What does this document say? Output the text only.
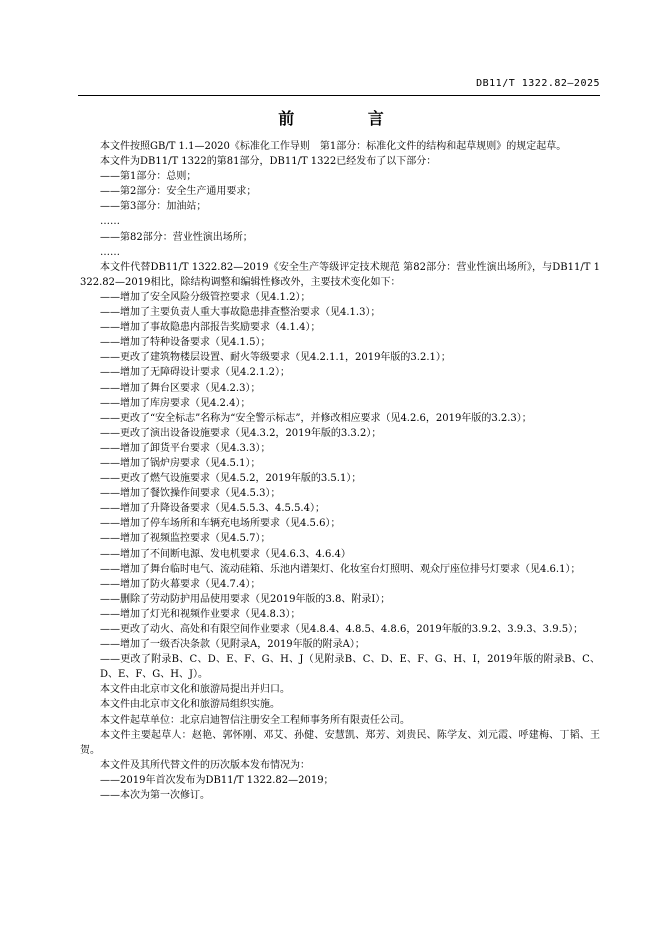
DB11/T 1322.82—2025
前 言

本文件按照GB/T 1.1—2020《标准化工作导则　第1部分：标准化文件的结构和起草规则》的规定起草。

本文件为DB11/T 1322的第81部分，DB11/T 1322已经发布了以下部分：

——第1部分：总则；

——第2部分：安全生产通用要求；

——第3部分：加油站；

……

——第82部分：营业性演出场所；

……

本文件代替DB11/T 1322.82—2019《安全生产等级评定技术规范 第82部分：营业性演出场所》，与DB11/T 1322.82—2019相比，除结构调整和编辑性修改外，主要技术变化如下：

——增加了安全风险分级管控要求（见4.1.2）；

——增加了主要负责人重大事故隐患排查整治要求（见4.1.3）；

——增加了事故隐患内部报告奖励要求（4.1.4）；

——增加了特种设备要求（见4.1.5）；

——更改了建筑物楼层设置、耐火等级要求（见4.2.1.1，2019年版的3.2.1）；

——增加了无障碍设计要求（见4.2.1.2）；

——增加了舞台区要求（见4.2.3）；

——增加了库房要求（见4.2.4）；

——更改了“安全标志”名称为“安全警示标志”，并修改相应要求（见4.2.6，2019年版的3.2.3）；

——更改了演出设备设施要求（见4.3.2，2019年版的3.3.2）；

——增加了卸货平台要求（见4.3.3）；

——增加了锅炉房要求（见4.5.1）；

——更改了燃气设施要求（见4.5.2，2019年版的3.5.1）；

——增加了餐饮操作间要求（见4.5.3）；

——增加了升降设备要求（见4.5.5.3、4.5.5.4）；

——增加了停车场所和车辆充电场所要求（见4.5.6）；

——增加了视频监控要求（见4.5.7）；

——增加了不间断电源、发电机要求（见4.6.3、4.6.4）

——增加了舞台临时电气、流动硅箱、乐池内谱架灯、化妆室台灯照明、观众厅座位排号灯要求（见4.6.1）；

——增加了防火幕要求（见4.7.4）；

——删除了劳动防护用品使用要求（见2019年版的3.8、附录I）；

——增加了灯光和视频作业要求（见4.8.3）；

——更改了动火、高处和有限空间作业要求（见4.8.4、4.8.5、4.8.6，2019年版的3.9.2、3.9.3、3.9.5）；

——增加了一级否决条款（见附录A，2019年版的附录A）；

——更改了附录B、C、D、E、F、G、H、J（见附录B、C、D、E、F、G、H、I，2019年版的附录B、C、D、E、F、G、H、J）。

本文件由北京市文化和旅游局提出并归口。

本文件由北京市文化和旅游局组织实施。

本文件起草单位：北京启迪智信注册安全工程师事务所有限责任公司。

本文件主要起草人：赵艳、郭怀刚、邓艾、孙健、安慧凯、郑芳、刘贵民、陈学友、刘元霞、呼建梅、丁韬、王贺。

本文件及其所代替文件的历次版本发布情况为：

——2019年首次发布为DB11/T 1322.82—2019；

——本次为第一次修订。
